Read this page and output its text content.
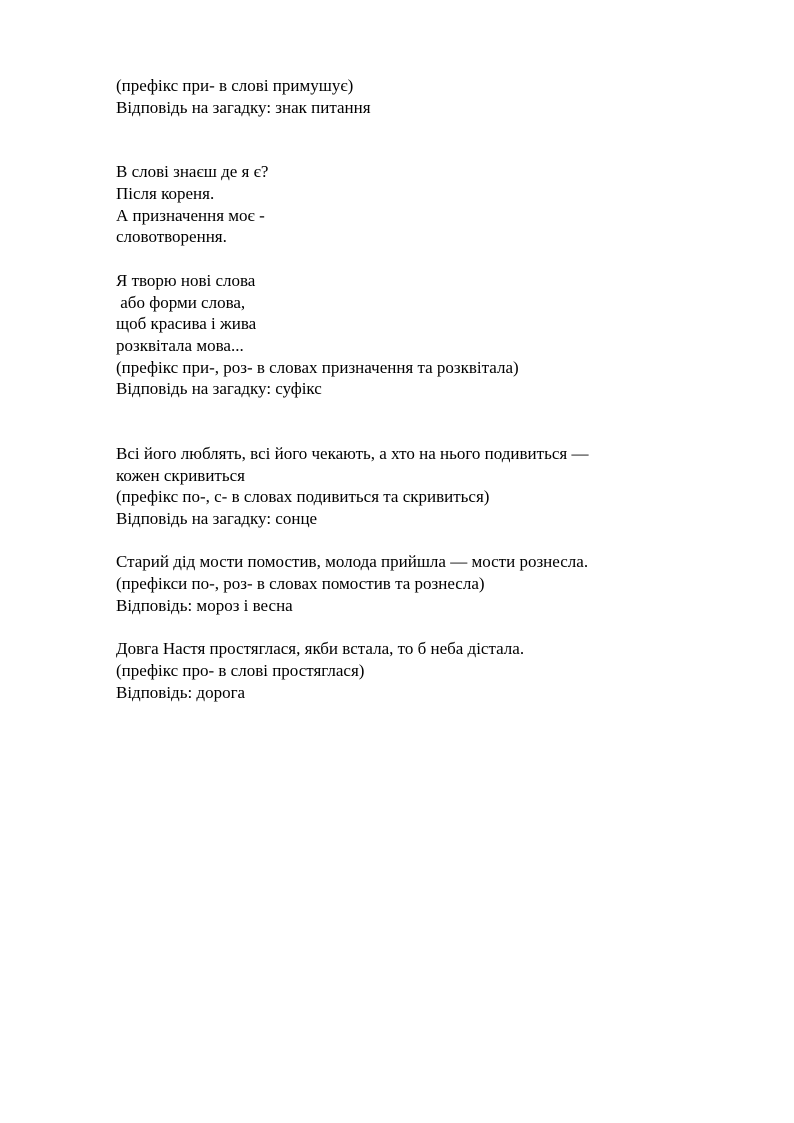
(префікс при- в слові примушує)
Відповідь на загадку: знак питання
В слові знаєш де я є?
Після кореня.
А призначення моє -
словотворення.
Я творю нові слова
або форми слова,
щоб красива і жива
розквітала мова...
(префікс при-, роз- в словах призначення та розквітала)
Відповідь на загадку: суфікс
Всі його люблять, всі його чекають, а хто на нього подивиться —
кожен скривиться
(префікс по-, с- в словах подивиться та скривиться)
Відповідь на загадку: сонце
Старий дід мости помостив, молода прийшла — мости рознесла.
(префікси по-, роз- в словах помостив та рознесла)
Відповідь: мороз і весна
Довга Настя простяглася, якби встала, то б неба дістала.
(префікс про- в слові простяглася)
Відповідь: дорога
